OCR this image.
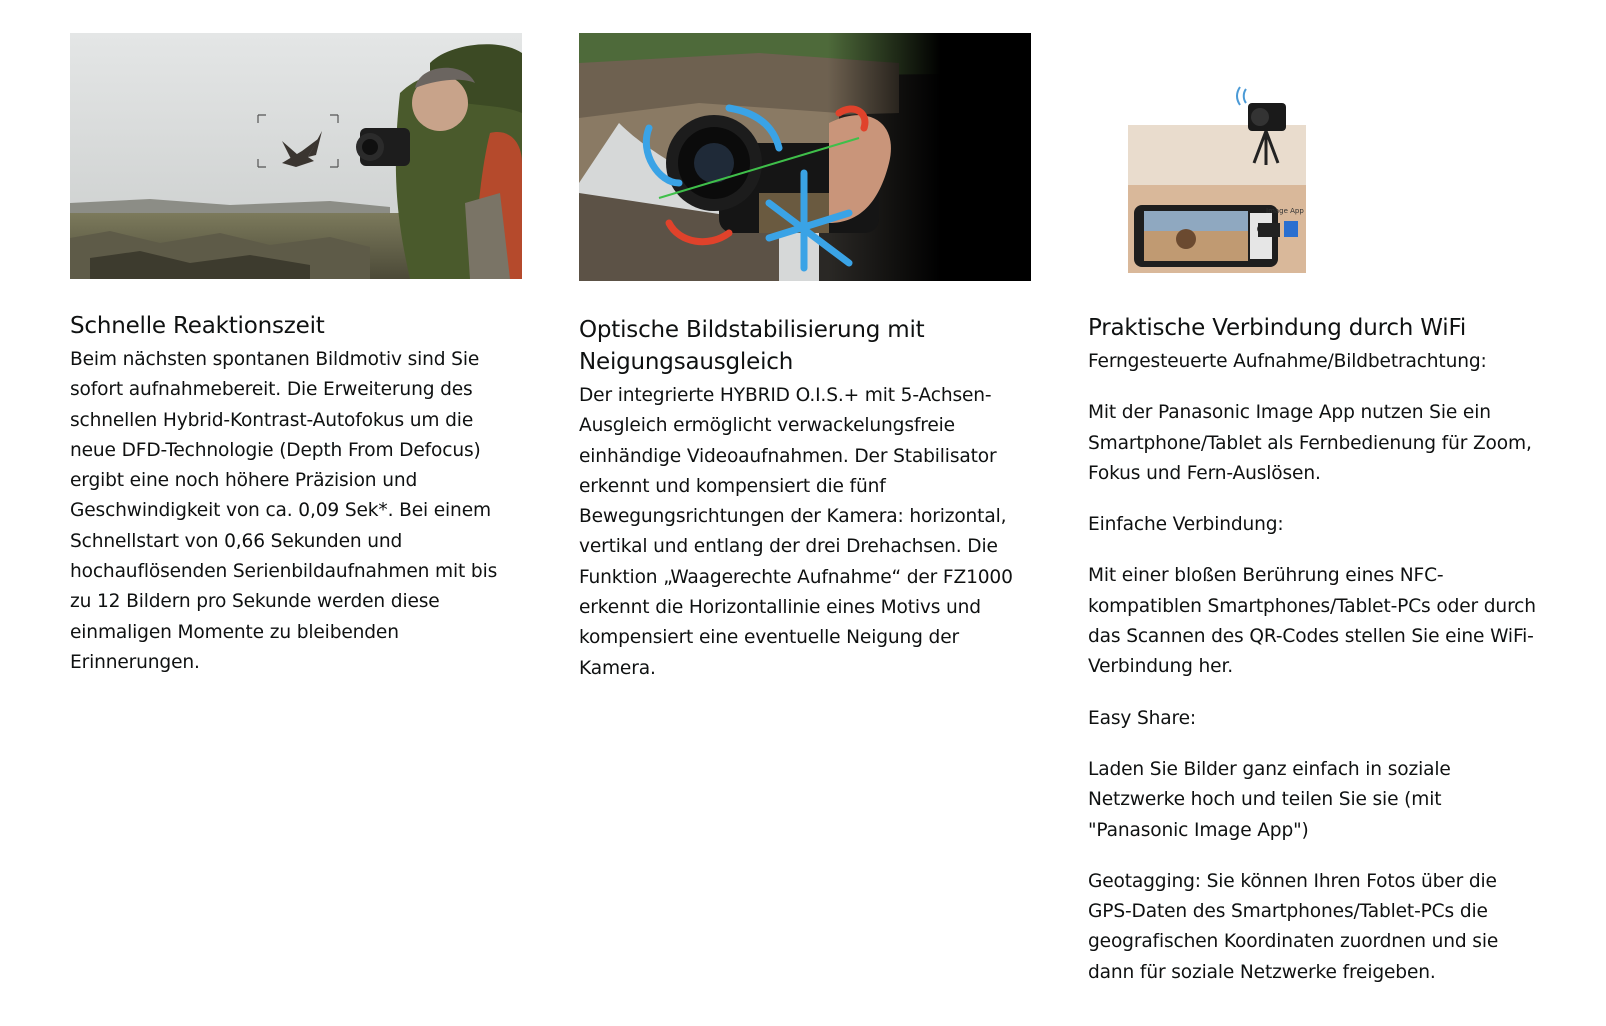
Schnelle Reaktionszeit

Beim nächsten spontanen Bildmotiv sind Sie sofort aufnahmebereit. Die Erweiterung des schnellen Hybrid-Kontrast-Autofokus um die neue DFD-Technologie (Depth From Defocus) ergibt eine noch höhere Präzision und Geschwindigkeit von ca. 0,09 Sek*. Bei einem Schnellstart von 0,66 Sekunden und hochauflösenden Serienbildaufnahmen mit bis zu 12 Bildern pro Sekunde werden diese einmaligen Momente zu bleibenden Erinnerungen.

Optische Bildstabilisierung mit Neigungsausgleich

Der integrierte HYBRID O.I.S.+ mit 5-Achsen-Ausgleich ermöglicht verwackelungsfreie einhändige Videoaufnahmen. Der Stabilisator erkennt und kompensiert die fünf Bewegungsrichtungen der Kamera: horizontal, vertikal und entlang der drei Drehachsen. Die Funktion „Waagerechte Aufnahme“ der FZ1000 erkennt die Horizontallinie eines Motivs und kompensiert eine eventuelle Neigung der Kamera.

Image App
Praktische Verbindung durch WiFi

Ferngesteuerte Aufnahme/Bildbetrachtung:

Mit der Panasonic Image App nutzen Sie ein Smartphone/Tablet als Fernbedienung für Zoom, Fokus und Fern-Auslösen.

Einfache Verbindung:

Mit einer bloßen Berührung eines NFC-kompatiblen Smartphones/Tablet-PCs oder durch das Scannen des QR-Codes stellen Sie eine WiFi-Verbindung her.

Easy Share:

Laden Sie Bilder ganz einfach in soziale Netzwerke hoch und teilen Sie sie (mit "Panasonic Image App")

Geotagging: Sie können Ihren Fotos über die GPS-Daten des Smartphones/Tablet-PCs die geografischen Koordinaten zuordnen und sie dann für soziale Netzwerke freigeben.
